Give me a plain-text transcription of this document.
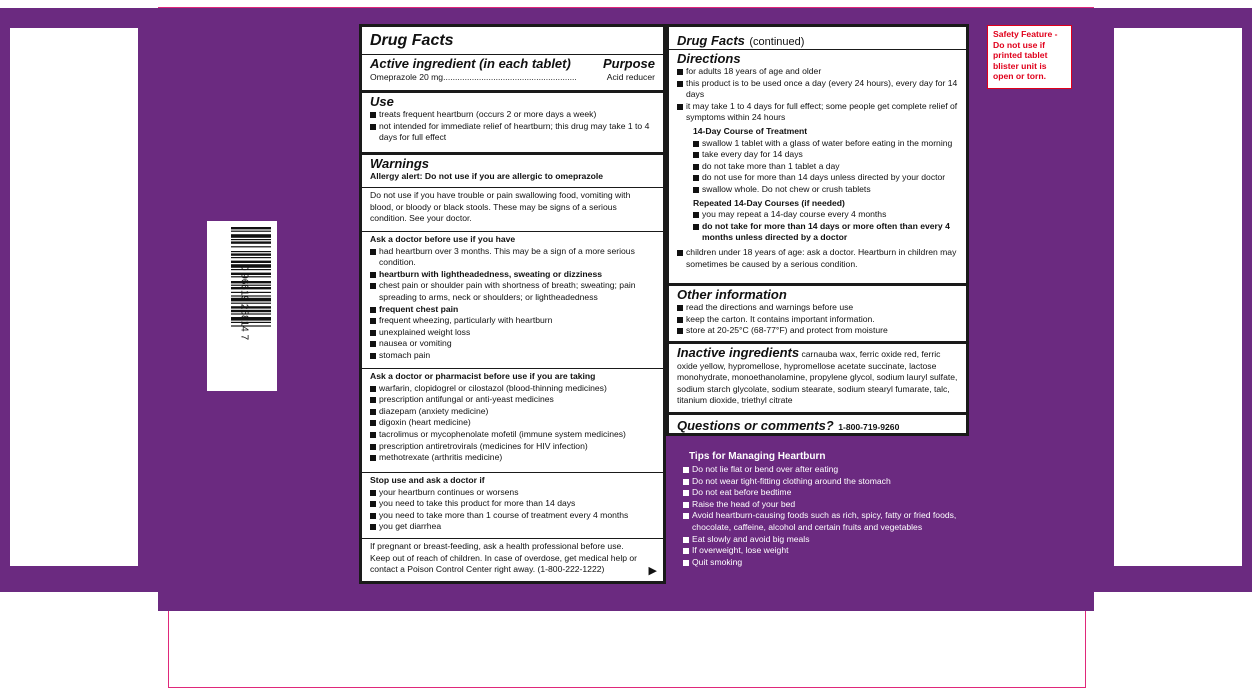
0 96619 25814 7
Safety Feature - Do not use if printed tablet blister unit is open or torn.
Drug Facts
Active ingredient (in each tablet) Purpose
Omeprazole 20 mg........................................................	Acid reducer
Use
treats frequent heartburn (occurs 2 or more days a week)
not intended for immediate relief of heartburn; this drug may take 1 to 4 days for full effect
Warnings
Allergy alert: Do not use if you are allergic to omeprazole
Do not use if you have trouble or pain swallowing food, vomiting with blood, or bloody or black stools. These may be signs of a serious condition. See your doctor.
Ask a doctor before use if you have
had heartburn over 3 months. This may be a sign of a more serious condition.
heartburn with lightheadedness, sweating or dizziness
chest pain or shoulder pain with shortness of breath; sweating; pain spreading to arms, neck or shoulders; or lightheadedness
frequent chest pain
frequent wheezing, particularly with heartburn
unexplained weight loss
nausea or vomiting
stomach pain
Ask a doctor or pharmacist before use if you are taking
warfarin, clopidogrel or cilostazol (blood-thinning medicines)
prescription antifungal or anti-yeast medicines
diazepam (anxiety medicine)
digoxin (heart medicine)
tacrolimus or mycophenolate mofetil (immune system medicines)
prescription antiretrovirals (medicines for HIV infection)
methotrexate (arthritis medicine)
Stop use and ask a doctor if
your heartburn continues or worsens
you need to take this product for more than 14 days
you need to take more than 1 course of treatment every 4 months
you get diarrhea
If pregnant or breast-feeding, ask a health professional before use.
Keep out of reach of children. In case of overdose, get medical help or contact a Poison Control Center right away. (1-800-222-1222)	▶
Drug Facts (continued)
Directions
for adults 18 years of age and older
this product is to be used once a day (every 24 hours), every day for 14 days
it may take 1 to 4 days for full effect; some people get complete relief of symptoms within 24 hours
14-Day Course of Treatment
swallow 1 tablet with a glass of water before eating in the morning
take every day for 14 days
do not take more than 1 tablet a day
do not use for more than 14 days unless directed by your doctor
swallow whole. Do not chew or crush tablets
Repeated 14-Day Courses (if needed)
you may repeat a 14-day course every 4 months
do not take for more than 14 days or more often than every 4 months unless directed by a doctor
children under 18 years of age: ask a doctor. Heartburn in children may sometimes be caused by a serious condition.
Other information
read the directions and warnings before use
keep the carton. It contains important information.
store at 20-25°C (68-77°F) and protect from moisture
Inactive ingredients carnauba wax, ferric oxide red, ferric oxide yellow, hypromellose, hypromellose acetate succinate, lactose monohydrate, monoethanolamine, propylene glycol, sodium lauryl sulfate, sodium starch glycolate, sodium stearate, sodium stearyl fumarate, talc, titanium dioxide, triethyl citrate
Questions or comments? 1-800-719-9260
Tips for Managing Heartburn
Do not lie flat or bend over after eating
Do not wear tight-fitting clothing around the stomach
Do not eat before bedtime
Raise the head of your bed
Avoid heartburn-causing foods such as rich, spicy, fatty or fried foods, chocolate, caffeine, alcohol and certain fruits and vegetables
Eat slowly and avoid big meals
If overweight, lose weight
Quit smoking
